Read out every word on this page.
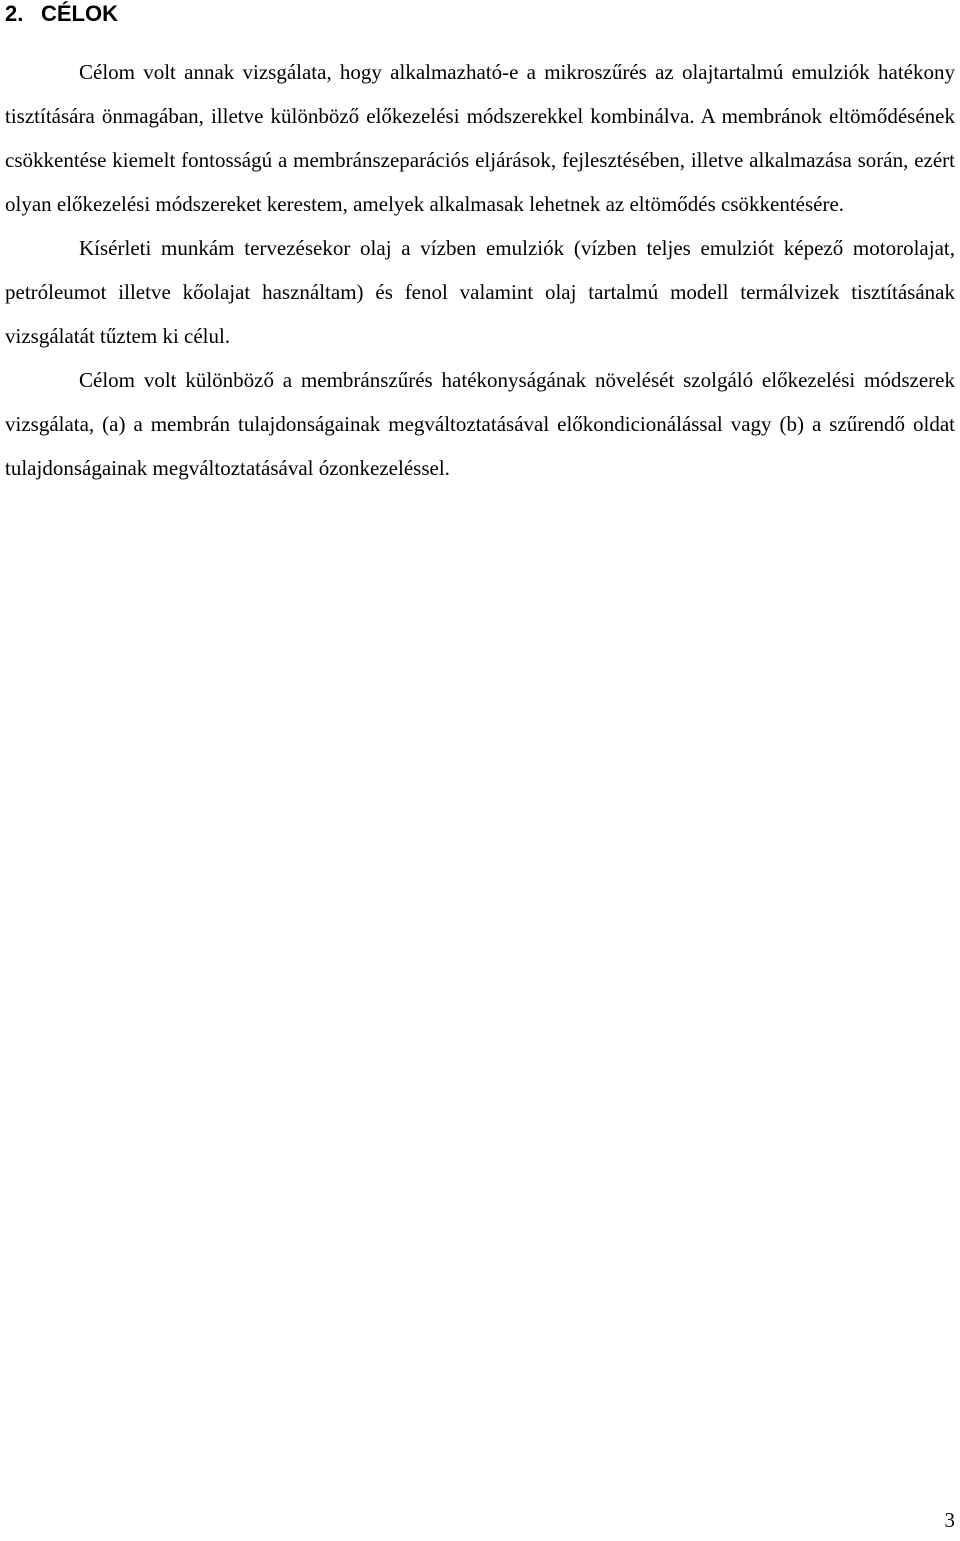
2. CÉLOK

Célom volt annak vizsgálata, hogy alkalmazható-e a mikroszűrés az olajtartalmú emulziók hatékony tisztítására önmagában, illetve különböző előkezelési módszerekkel kombinálva. A membránok eltömődésének csökkentése kiemelt fontosságú a membránszeparációs eljárások, fejlesztésében, illetve alkalmazása során, ezért olyan előkezelési módszereket kerestem, amelyek alkalmasak lehetnek az eltömődés csökkentésére.

Kísérleti munkám tervezésekor olaj a vízben emulziók (vízben teljes emulziót képező motorolajat, petróleumot illetve kőolajat használtam) és fenol valamint olaj tartalmú modell termálvizek tisztításának vizsgálatát tűztem ki célul.

Célom volt különböző a membránszűrés hatékonyságának növelését szolgáló előkezelési módszerek vizsgálata, (a) a membrán tulajdonságainak megváltoztatásával előkondicionálással vagy (b) a szűrendő oldat tulajdonságainak megváltoztatásával ózonkezeléssel.

3
